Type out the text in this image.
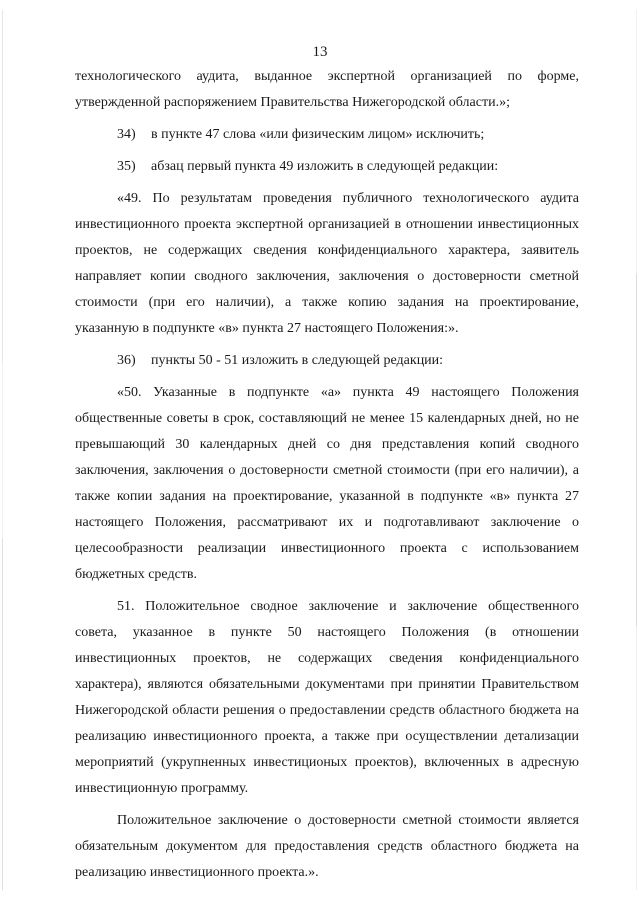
13

технологического аудита, выданное экспертной организацией по форме, утвержденной распоряжением Правительства Нижегородской области.»;

34)	в пункте 47 слова «или физическим лицом» исключить;
35)	абзац первый пункта 49 изложить в следующей редакции:

«49. По результатам проведения публичного технологического аудита инвестиционного проекта экспертной организацией в отношении инвестиционных проектов, не содержащих сведения конфиденциального характера, заявитель направляет копии сводного заключения, заключения о достоверности сметной стоимости (при его наличии), а также копию задания на проектирование, указанную в подпункте «в» пункта 27 настоящего Положения:».

36)	пункты 50 - 51 изложить в следующей редакции:

«50. Указанные в подпункте «а» пункта 49 настоящего Положения общественные советы в срок, составляющий не менее 15 календарных дней, но не превышающий 30 календарных дней со дня представления копий сводного заключения, заключения о достоверности сметной стоимости (при его наличии), а также копии задания на проектирование, указанной в подпункте «в» пункта 27 настоящего Положения, рассматривают их и подготавливают заключение о целесообразности реализации инвестиционного проекта с использованием бюджетных средств.

51. Положительное сводное заключение и заключение общественного совета, указанное в пункте 50 настоящего Положения (в отношении инвестиционных проектов, не содержащих сведения конфиденциального характера), являются обязательными документами при принятии Правительством Нижегородской области решения о предоставлении средств областного бюджета на реализацию инвестиционного проекта, а также при осуществлении детализации мероприятий (укрупненных инвестиционых проектов), включенных в адресную инвестиционную программу.

Положительное заключение о достоверности сметной стоимости является обязательным документом для предоставления средств областного бюджета на реализацию инвестиционного проекта.».
